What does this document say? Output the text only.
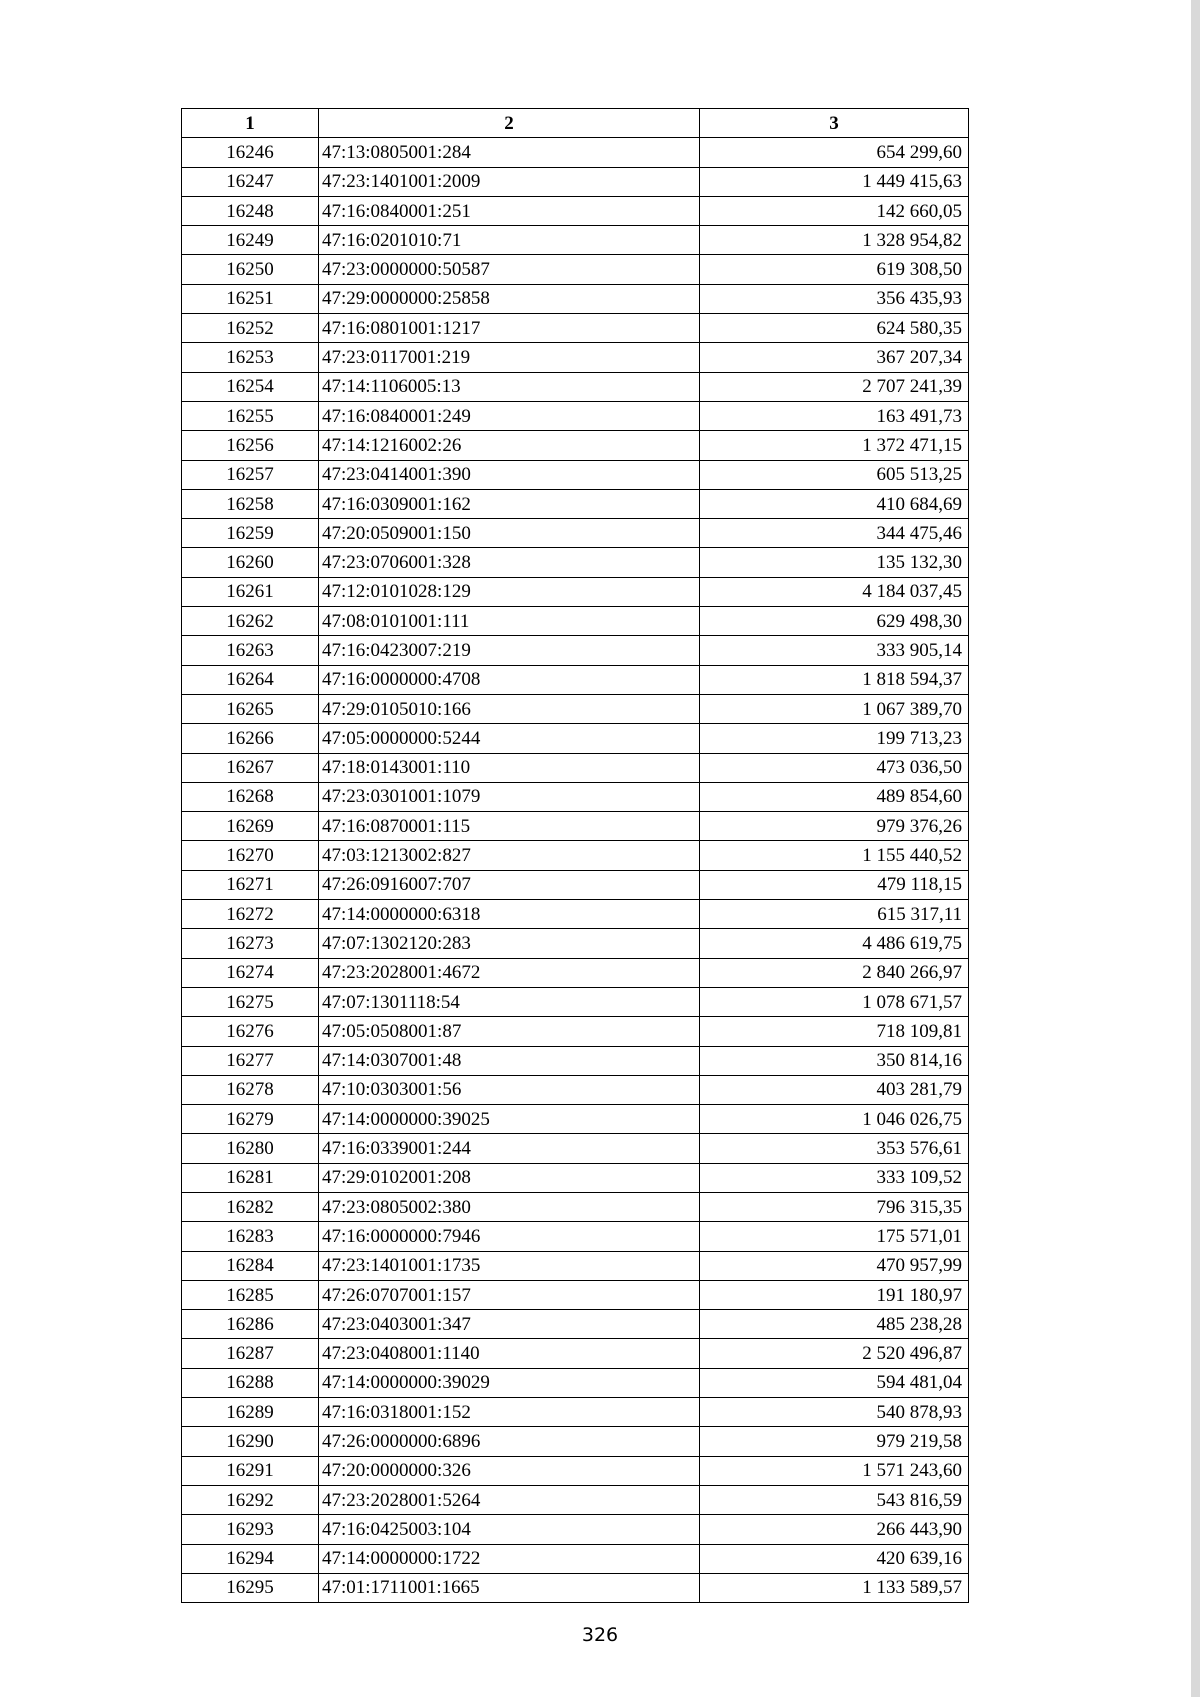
1	2	3
16246	47:13:0805001:284	654 299,60
16247	47:23:1401001:2009	1 449 415,63
16248	47:16:0840001:251	142 660,05
16249	47:16:0201010:71	1 328 954,82
16250	47:23:0000000:50587	619 308,50
16251	47:29:0000000:25858	356 435,93
16252	47:16:0801001:1217	624 580,35
16253	47:23:0117001:219	367 207,34
16254	47:14:1106005:13	2 707 241,39
16255	47:16:0840001:249	163 491,73
16256	47:14:1216002:26	1 372 471,15
16257	47:23:0414001:390	605 513,25
16258	47:16:0309001:162	410 684,69
16259	47:20:0509001:150	344 475,46
16260	47:23:0706001:328	135 132,30
16261	47:12:0101028:129	4 184 037,45
16262	47:08:0101001:111	629 498,30
16263	47:16:0423007:219	333 905,14
16264	47:16:0000000:4708	1 818 594,37
16265	47:29:0105010:166	1 067 389,70
16266	47:05:0000000:5244	199 713,23
16267	47:18:0143001:110	473 036,50
16268	47:23:0301001:1079	489 854,60
16269	47:16:0870001:115	979 376,26
16270	47:03:1213002:827	1 155 440,52
16271	47:26:0916007:707	479 118,15
16272	47:14:0000000:6318	615 317,11
16273	47:07:1302120:283	4 486 619,75
16274	47:23:2028001:4672	2 840 266,97
16275	47:07:1301118:54	1 078 671,57
16276	47:05:0508001:87	718 109,81
16277	47:14:0307001:48	350 814,16
16278	47:10:0303001:56	403 281,79
16279	47:14:0000000:39025	1 046 026,75
16280	47:16:0339001:244	353 576,61
16281	47:29:0102001:208	333 109,52
16282	47:23:0805002:380	796 315,35
16283	47:16:0000000:7946	175 571,01
16284	47:23:1401001:1735	470 957,99
16285	47:26:0707001:157	191 180,97
16286	47:23:0403001:347	485 238,28
16287	47:23:0408001:1140	2 520 496,87
16288	47:14:0000000:39029	594 481,04
16289	47:16:0318001:152	540 878,93
16290	47:26:0000000:6896	979 219,58
16291	47:20:0000000:326	1 571 243,60
16292	47:23:2028001:5264	543 816,59
16293	47:16:0425003:104	266 443,90
16294	47:14:0000000:1722	420 639,16
16295	47:01:1711001:1665	1 133 589,57
326
